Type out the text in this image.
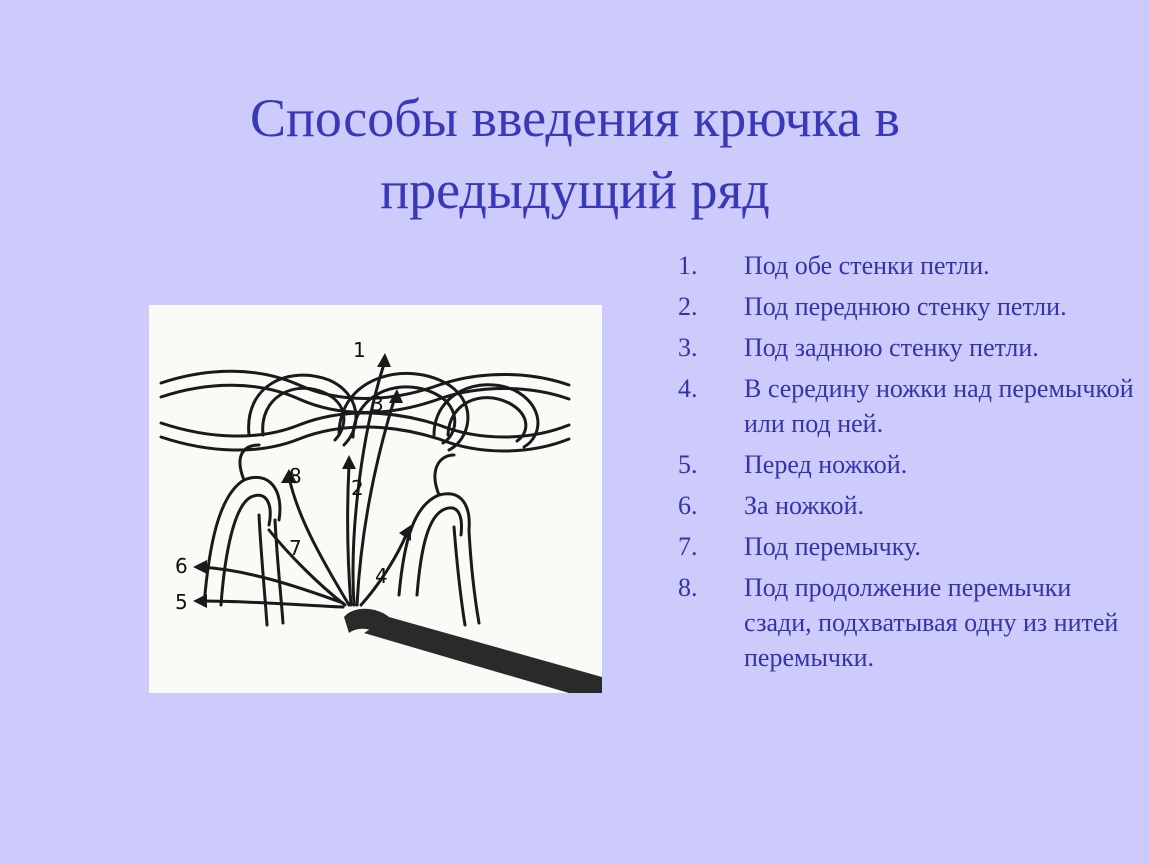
Способы введения крючка в
предыдущий ряд
1
3
2
4
5
6
7
8
1.	Под обе стенки петли.
2.	Под переднюю стенку петли.
3.	Под заднюю стенку петли.
4.	В середину ножки над перемычкой или под ней.
5.	Перед ножкой.
6.	За ножкой.
7.	Под перемычку.
8.	Под продолжение перемычки сзади, подхватывая одну из нитей перемычки.
